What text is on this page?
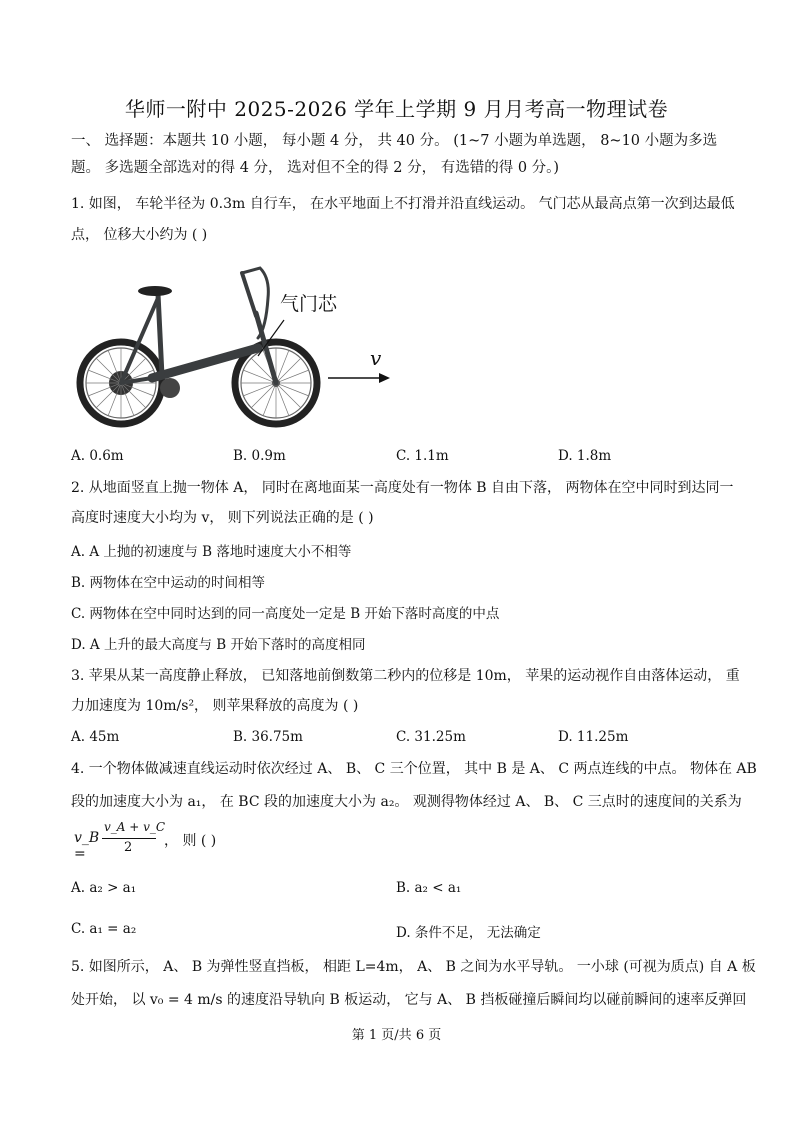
华师一附中 2025-2026 学年上学期 9 月月考高一物理试卷
一、 选择题：本题共 10 小题， 每小题 4 分， 共 40 分。 (1~7 小题为单选题， 8~10 小题为多选
题。 多选题全部选对的得 4 分， 选对但不全的得 2 分， 有选错的得 0 分。)
1. 如图， 车轮半径为 0.3m 自行车， 在水平地面上不打滑并沿直线运动。 气门芯从最高点第一次到达最低
点， 位移大小约为 ( )
气门芯
v
A. 0.6m	B. 0.9m	C. 1.1m	D. 1.8m
2. 从地面竖直上抛一物体 A， 同时在离地面某一高度处有一物体 B 自由下落， 两物体在空中同时到达同一
高度时速度大小均为 v， 则下列说法正确的是 ( )
A. A 上抛的初速度与 B 落地时速度大小不相等
B. 两物体在空中运动的时间相等
C. 两物体在空中同时达到的同一高度处一定是 B 开始下落时高度的中点
D. A 上升的最大高度与 B 开始下落时的高度相同
3. 苹果从某一高度静止释放， 已知落地前倒数第二秒内的位移是 10m， 苹果的运动视作自由落体运动， 重
力加速度为 10m/s²， 则苹果释放的高度为 ( )
A. 45m	B. 36.75m	C. 31.25m	D. 11.25m
4. 一个物体做减速直线运动时依次经过 A、 B、 C 三个位置， 其中 B 是 A、 C 两点连线的中点。 物体在 AB
段的加速度大小为 a₁， 在 BC 段的加速度大小为 a₂。 观测得物体经过 A、 B、 C 三点时的速度间的关系为
v_B =
v_A + v_C
2 ， 则 ( )
A. a₂ > a₁	B. a₂ < a₁
C. a₁ = a₂	D. 条件不足， 无法确定
5. 如图所示， A、 B 为弹性竖直挡板， 相距 L=4m， A、 B 之间为水平导轨。 一小球 (可视为质点) 自 A 板
处开始， 以 v₀ = 4 m/s 的速度沿导轨向 B 板运动， 它与 A、 B 挡板碰撞后瞬间均以碰前瞬间的速率反弹回
第 1 页/共 6 页
